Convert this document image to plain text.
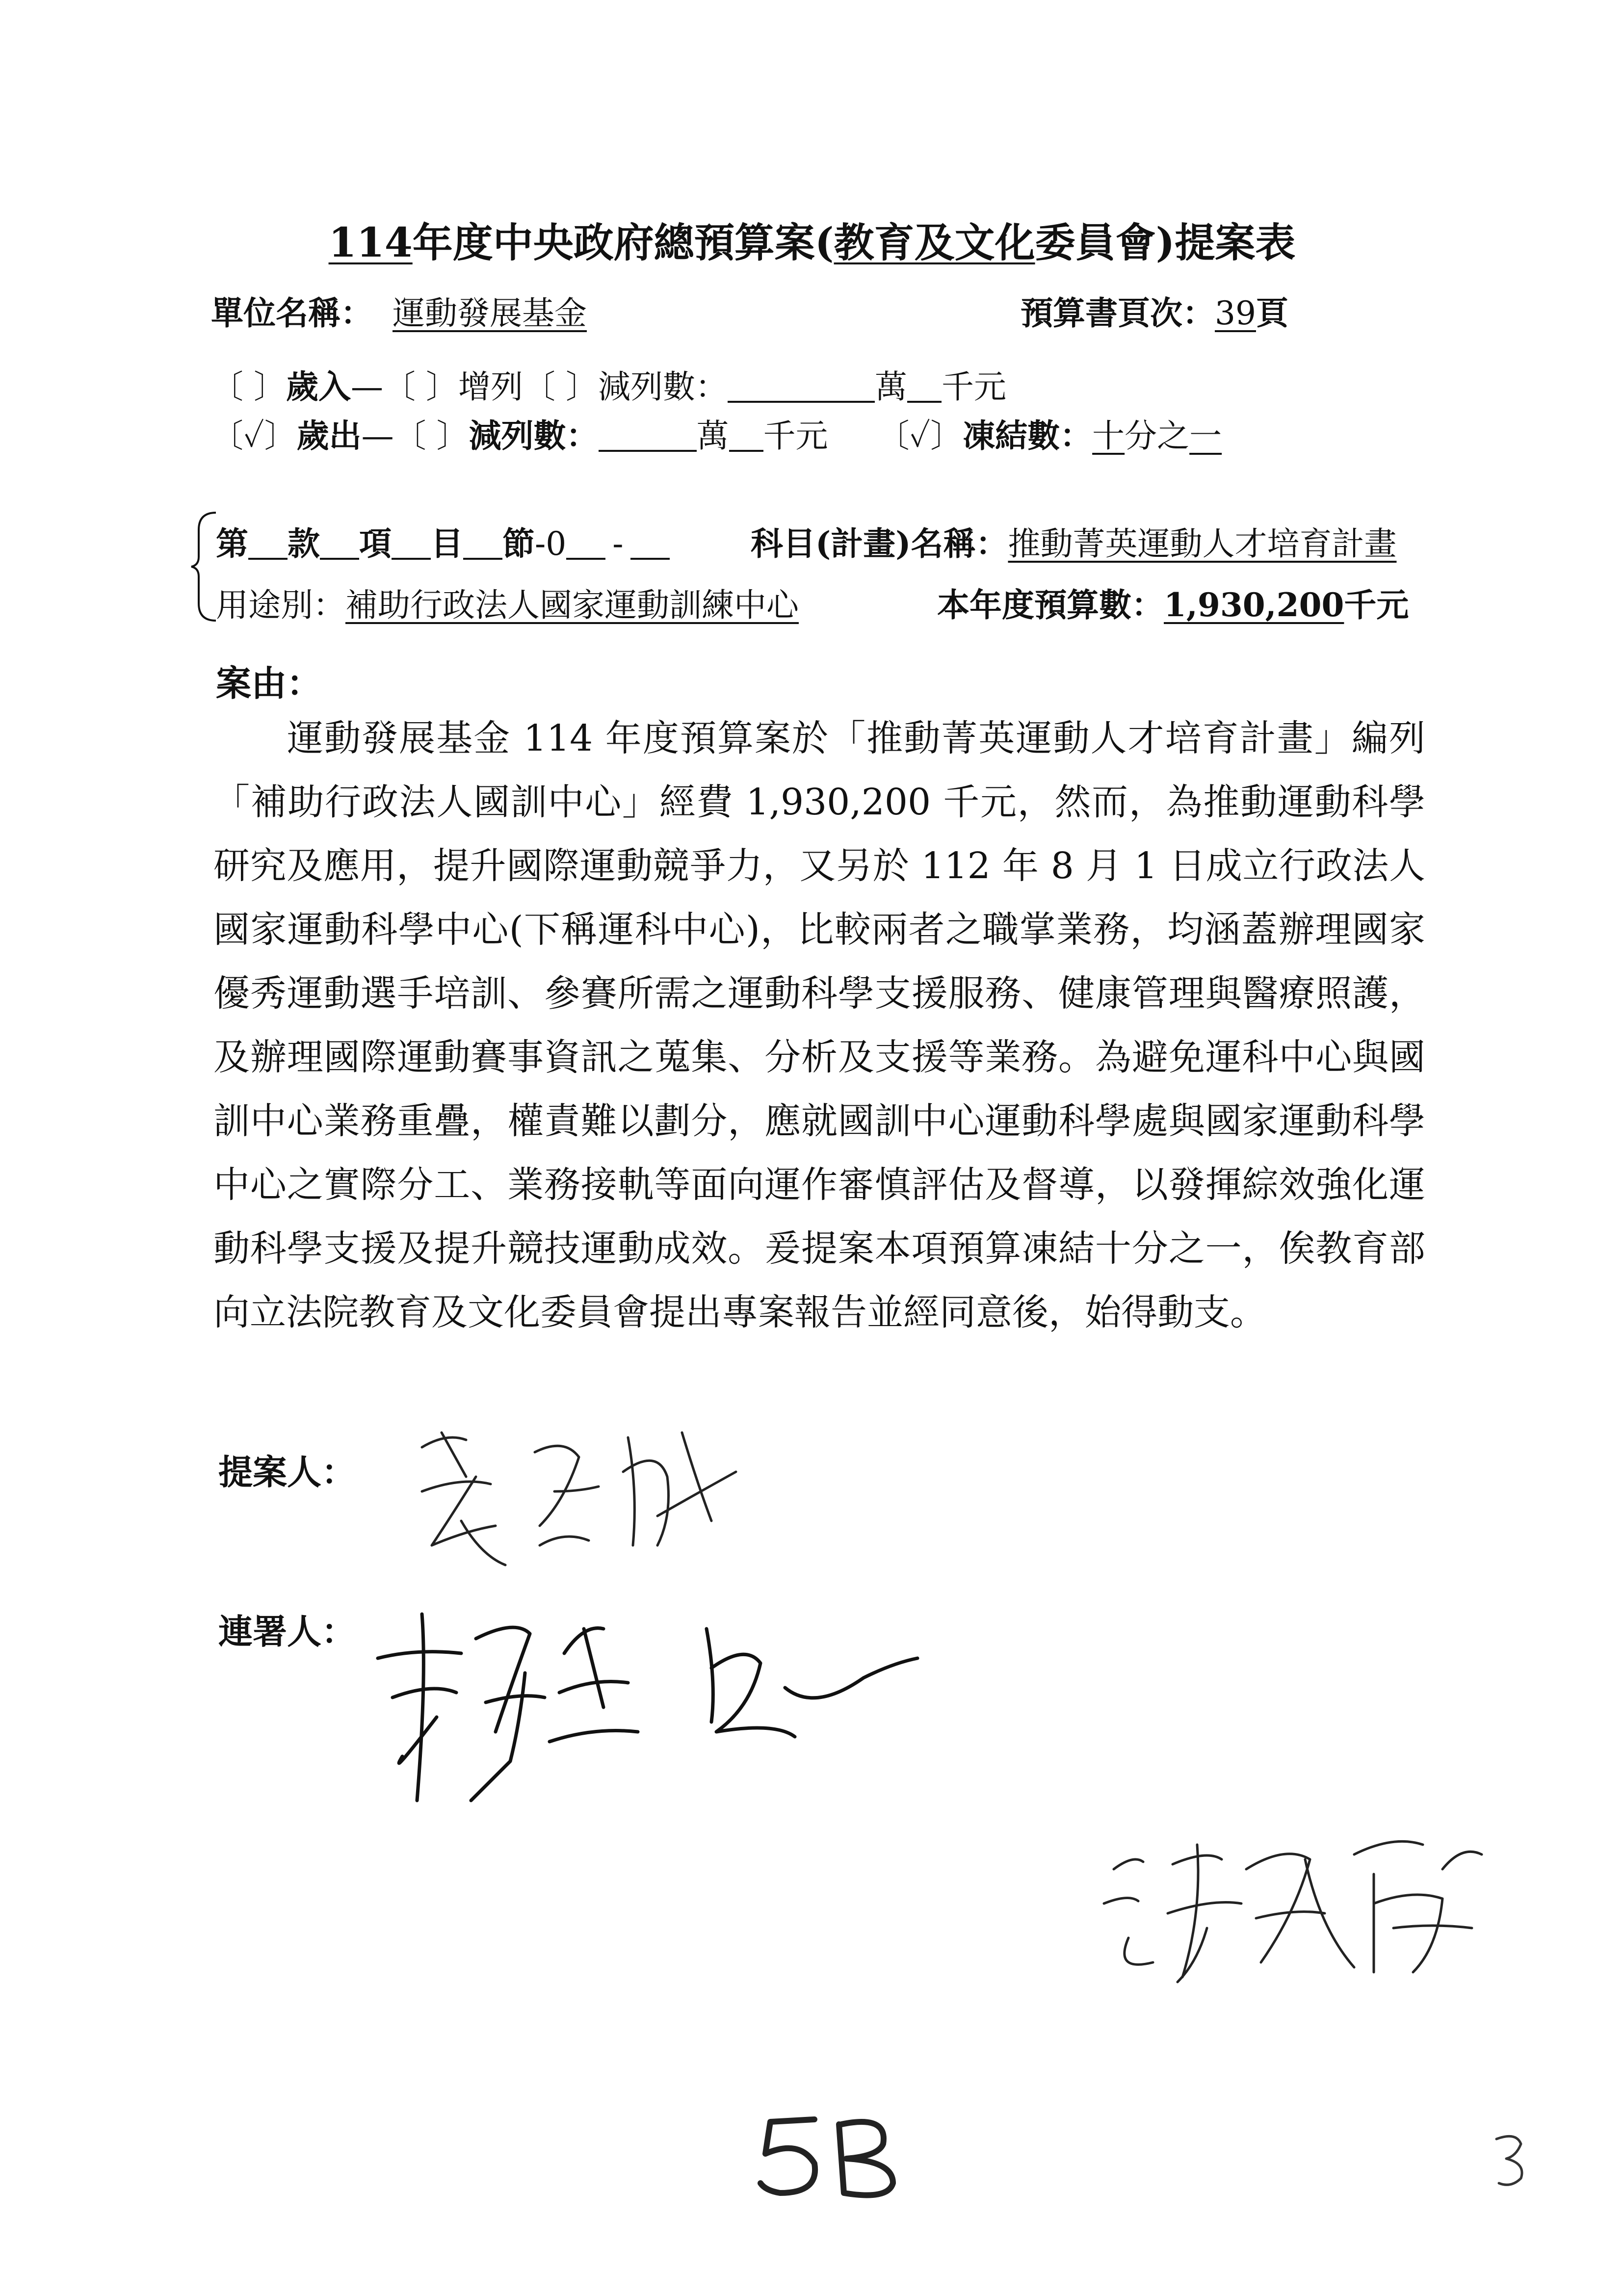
114年度中央政府總預算案(教育及文化委員會)提案表
單位名稱： 運動發展基金	預算書頁次：39頁
〔 〕歲入—〔 〕增列〔 〕減列數：	萬 千元
〔✓〕歲出—〔 〕減列數：	萬 千元 〔✓〕凍結數：十分之一
第 款 項 目 節-0 -	科目(計畫)名稱：推動菁英運動人才培育計畫
用途別：補助行政法人國家運動訓練中心	本年度預算數：1,930,200千元
案由：
運動發展基金 114 年度預算案於「推動菁英運動人才培育計畫」編列「補助行政法人國訓中心」經費 1,930,200 千元，然而，為推動運動科學研究及應用，提升國際運動競爭力，又另於 112 年 8 月 1 日成立行政法人國家運動科學中心(下稱運科中心)，比較兩者之職掌業務，均涵蓋辦理國家優秀運動選手培訓、參賽所需之運動科學支援服務、健康管理與醫療照護，及辦理國際運動賽事資訊之蒐集、分析及支援等業務。為避免運科中心與國訓中心業務重疊，權責難以劃分，應就國訓中心運動科學處與國家運動科學中心之實際分工、業務接軌等面向運作審慎評估及督導，以發揮綜效強化運動科學支援及提升競技運動成效。爰提案本項預算凍結十分之一，俟教育部向立法院教育及文化委員會提出專案報告並經同意後，始得動支。
提案人：
連署人：
